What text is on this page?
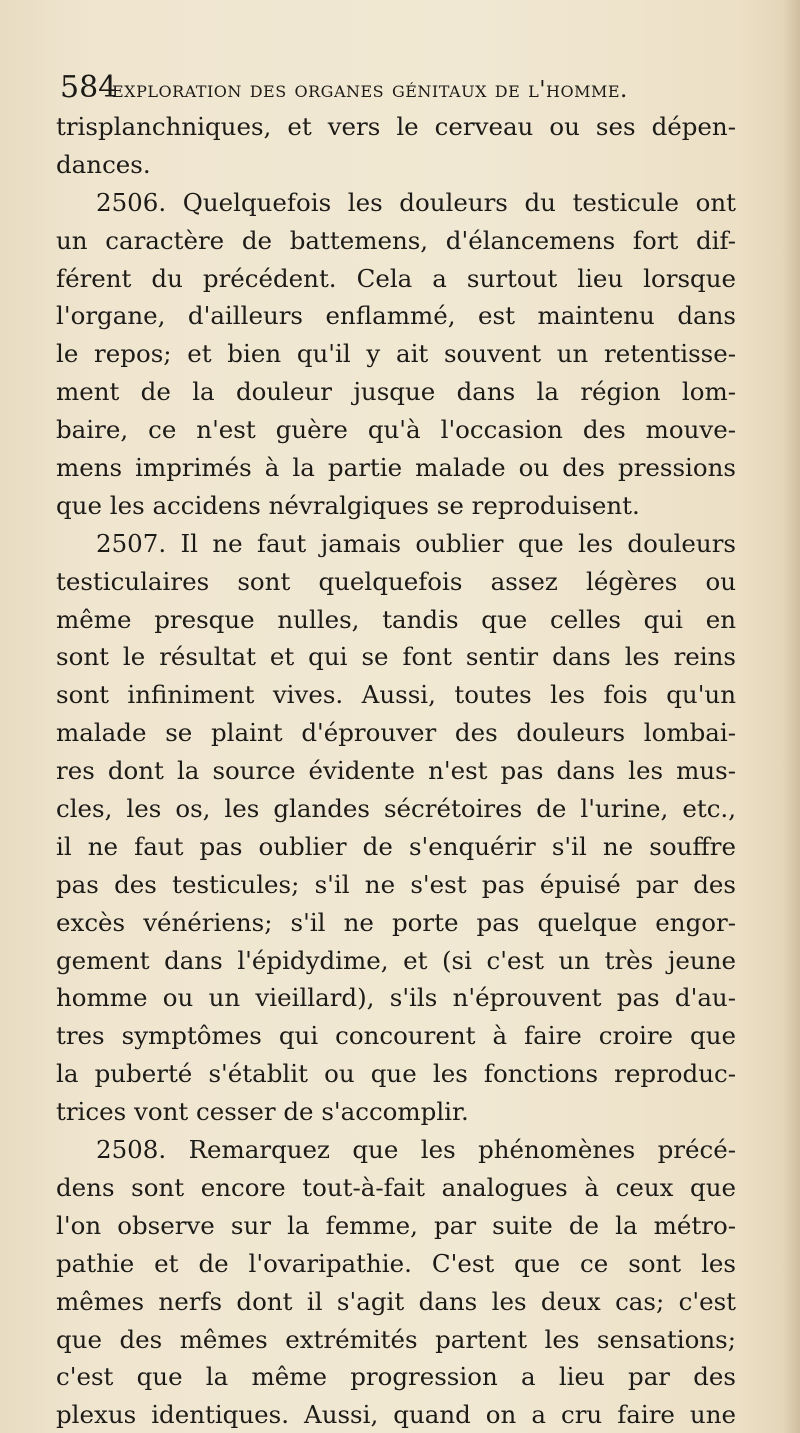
584
exploration des organes génitaux de l'homme.
trisplanchniques, et vers le cerveau ou ses dépen-
dances.
2506. Quelquefois les douleurs du testicule ont
un caractère de battemens, d'élancemens fort dif-
férent du précédent. Cela a surtout lieu lorsque
l'organe, d'ailleurs enflammé, est maintenu dans
le repos; et bien qu'il y ait souvent un retentisse-
ment de la douleur jusque dans la région lom-
baire, ce n'est guère qu'à l'occasion des mouve-
mens imprimés à la partie malade ou des pressions
que les accidens névralgiques se reproduisent.
2507. Il ne faut jamais oublier que les douleurs
testiculaires sont quelquefois assez légères ou
même presque nulles, tandis que celles qui en
sont le résultat et qui se font sentir dans les reins
sont infiniment vives. Aussi, toutes les fois qu'un
malade se plaint d'éprouver des douleurs lombai-
res dont la source évidente n'est pas dans les mus-
cles, les os, les glandes sécrétoires de l'urine, etc.,
il ne faut pas oublier de s'enquérir s'il ne souffre
pas des testicules; s'il ne s'est pas épuisé par des
excès vénériens; s'il ne porte pas quelque engor-
gement dans l'épidydime, et (si c'est un très jeune
homme ou un vieillard), s'ils n'éprouvent pas d'au-
tres symptômes qui concourent à faire croire que
la puberté s'établit ou que les fonctions reproduc-
trices vont cesser de s'accomplir.
2508. Remarquez que les phénomènes précé-
dens sont encore tout-à-fait analogues à ceux que
l'on observe sur la femme, par suite de la métro-
pathie et de l'ovaripathie. C'est que ce sont les
mêmes nerfs dont il s'agit dans les deux cas; c'est
que des mêmes extrémités partent les sensations;
c'est que la même progression a lieu par des
plexus identiques. Aussi, quand on a cru faire une
